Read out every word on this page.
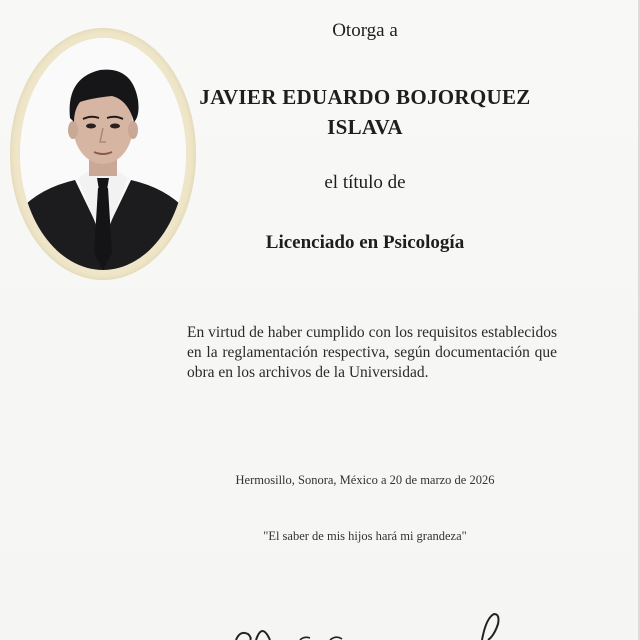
Otorga a
JAVIER EDUARDO BOJORQUEZ ISLAVA
el título de
Licenciado en Psicología
En virtud de haber cumplido con los requisitos establecidos en la reglamentación respectiva, según documentación que obra en los archivos de la Universidad.
Hermosillo, Sonora, México a 20 de marzo de 2026
"El saber de mis hijos hará mi grandeza"
